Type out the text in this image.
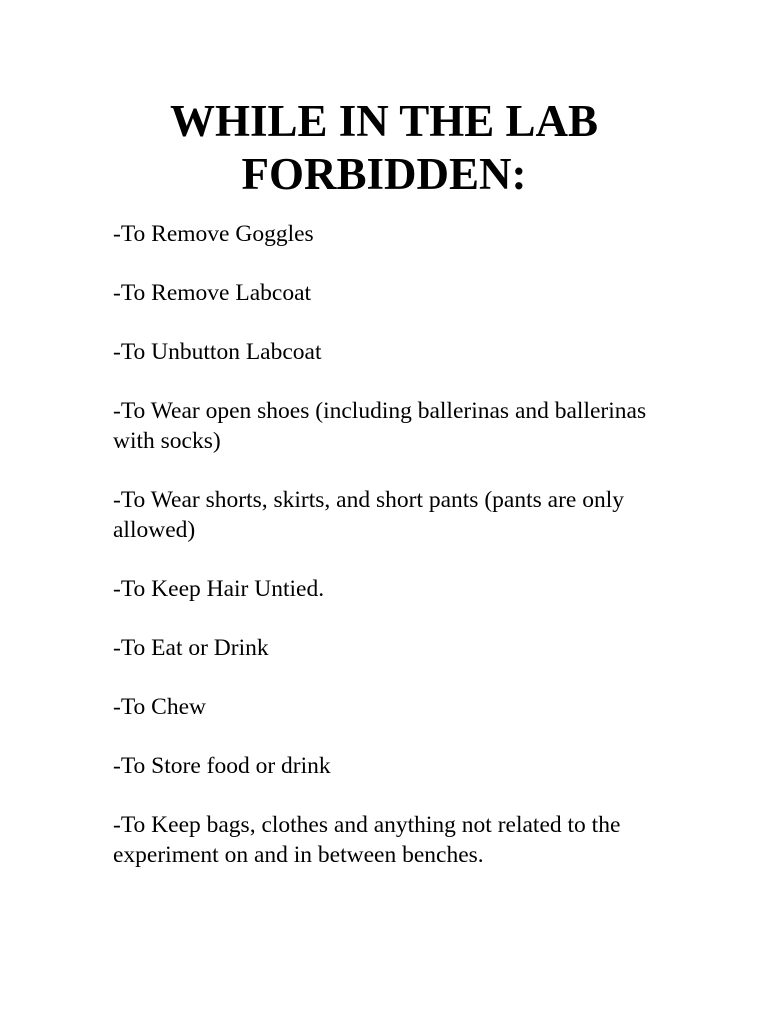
WHILE IN THE LAB
FORBIDDEN:
-To Remove Goggles
-To Remove Labcoat
-To Unbutton Labcoat
-To Wear open shoes (including ballerinas and ballerinas with socks)
-To Wear shorts, skirts, and short pants (pants are only allowed)
-To Keep Hair Untied.
-To Eat or Drink
-To Chew
-To Store food or drink
-To Keep bags, clothes and anything not related to the experiment on and in between benches.
